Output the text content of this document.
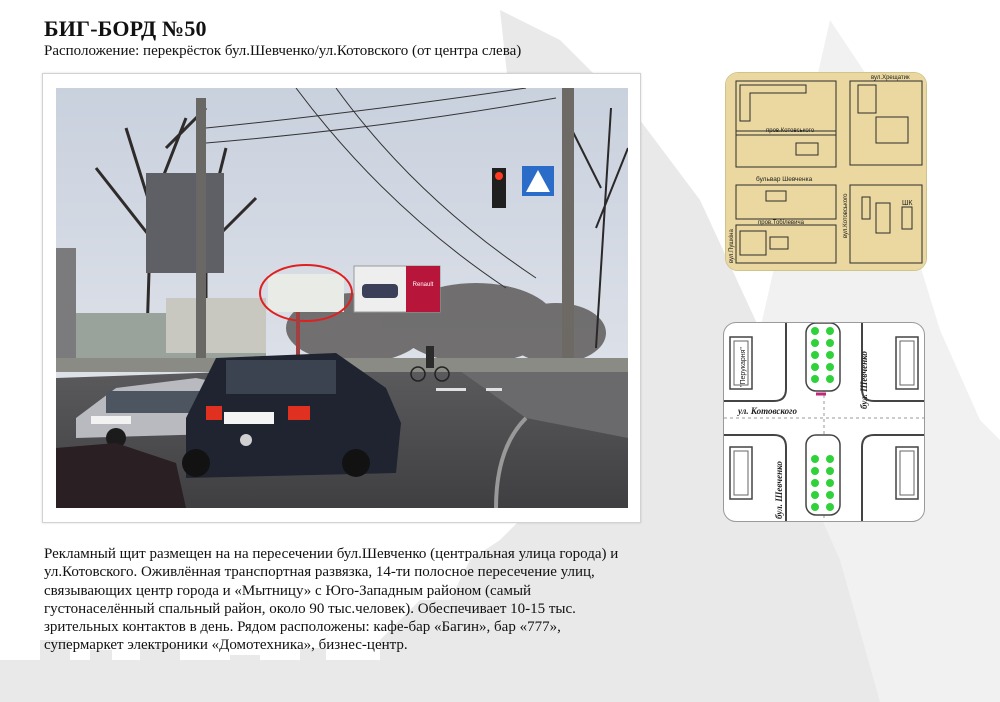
БИГ-БОРД №50
Расположение: перекрёсток бул.Шевченко/ул.Котовского (от центра слева)
Renault
вул.Хрещатик
пров.Котовського
бульвар Шевченка
вул.Пушкіна
вул.Котовського
пров.Тобілевича
ШК
"Перукарня"	бул. Шевченко
ул. Котовского
бул. Шевченко

Рекламный щит размещен на на пересечении бул.Шевченко (центральная улица города) и ул.Котовского. Оживлённая транспортная развязка, 14-ти полосное пересечение улиц, связывающих центр города и «Мытницу» с Юго-Западным районом (самый густонаселённый спальный район, около 90 тыс.человек). Обеспечивает 10-15 тыс. зрительных контактов в день. Рядом расположены: кафе-бар «Багин», бар «777», супермаркет электроники «Домотехника», бизнес-центр.
